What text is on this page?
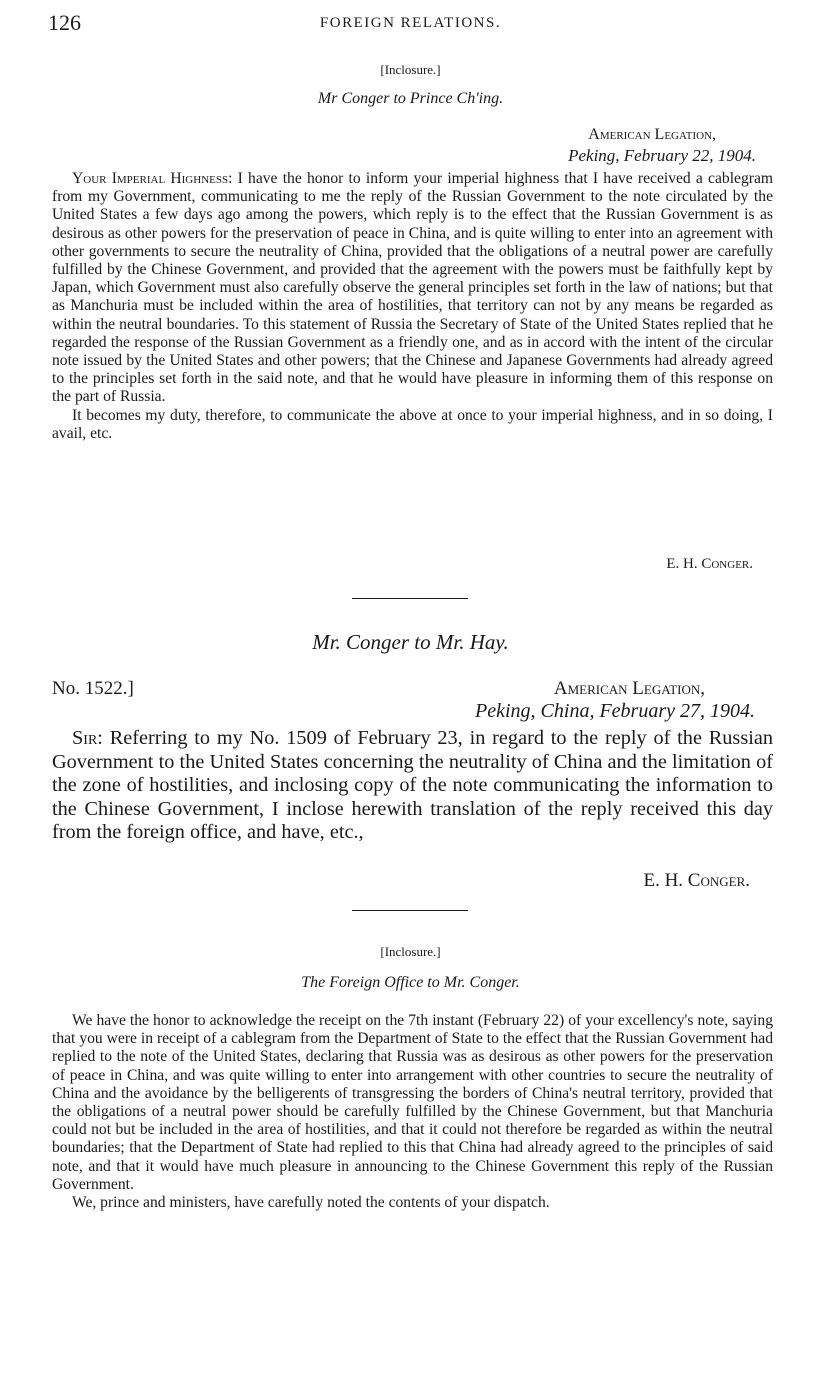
126	FOREIGN RELATIONS.
[Inclosure.]
Mr Conger to Prince Ch'ing.
American Legation,
Peking, February 22, 1904.

Your Imperial Highness: I have the honor to inform your imperial highness that I have received a cablegram from my Government, communicating to me the reply of the Russian Government to the note circulated by the United States a few days ago among the powers, which reply is to the effect that the Russian Government is as desirous as other powers for the preservation of peace in China, and is quite willing to enter into an agreement with other governments to secure the neutrality of China, provided that the obligations of a neutral power are carefully fulfilled by the Chinese Government, and provided that the agreement with the powers must be faithfully kept by Japan, which Government must also carefully observe the general principles set forth in the law of nations; but that as Manchuria must be included within the area of hostilities, that territory can not by any means be regarded as within the neutral boundaries. To this statement of Russia the Secretary of State of the United States replied that he regarded the response of the Russian Government as a friendly one, and as in accord with the intent of the circular note issued by the United States and other powers; that the Chinese and Japanese Governments had already agreed to the principles set forth in the said note, and that he would have pleasure in informing them of this response on the part of Russia.

It becomes my duty, therefore, to communicate the above at once to your imperial highness, and in so doing, I avail, etc.

E. H. Conger.
Mr. Conger to Mr. Hay.
No. 1522.]	American Legation,
Peking, China, February 27, 1904.

Sir: Referring to my No. 1509 of February 23, in regard to the reply of the Russian Government to the United States concerning the neutrality of China and the limitation of the zone of hostilities, and inclosing copy of the note communicating the information to the Chinese Government, I inclose herewith translation of the reply received this day from the foreign office, and have, etc.,

E. H. Conger.
[Inclosure.]
The Foreign Office to Mr. Conger.

We have the honor to acknowledge the receipt on the 7th instant (February 22) of your excellency's note, saying that you were in receipt of a cablegram from the Department of State to the effect that the Russian Government had replied to the note of the United States, declaring that Russia was as desirous as other powers for the preservation of peace in China, and was quite willing to enter into arrangement with other countries to secure the neutrality of China and the avoidance by the belligerents of transgressing the borders of China's neutral territory, provided that the obligations of a neutral power should be carefully fulfilled by the Chinese Government, but that Manchuria could not but be included in the area of hostilities, and that it could not therefore be regarded as within the neutral boundaries; that the Department of State had replied to this that China had already agreed to the principles of said note, and that it would have much pleasure in announcing to the Chinese Government this reply of the Russian Government.

We, prince and ministers, have carefully noted the contents of your dispatch.
